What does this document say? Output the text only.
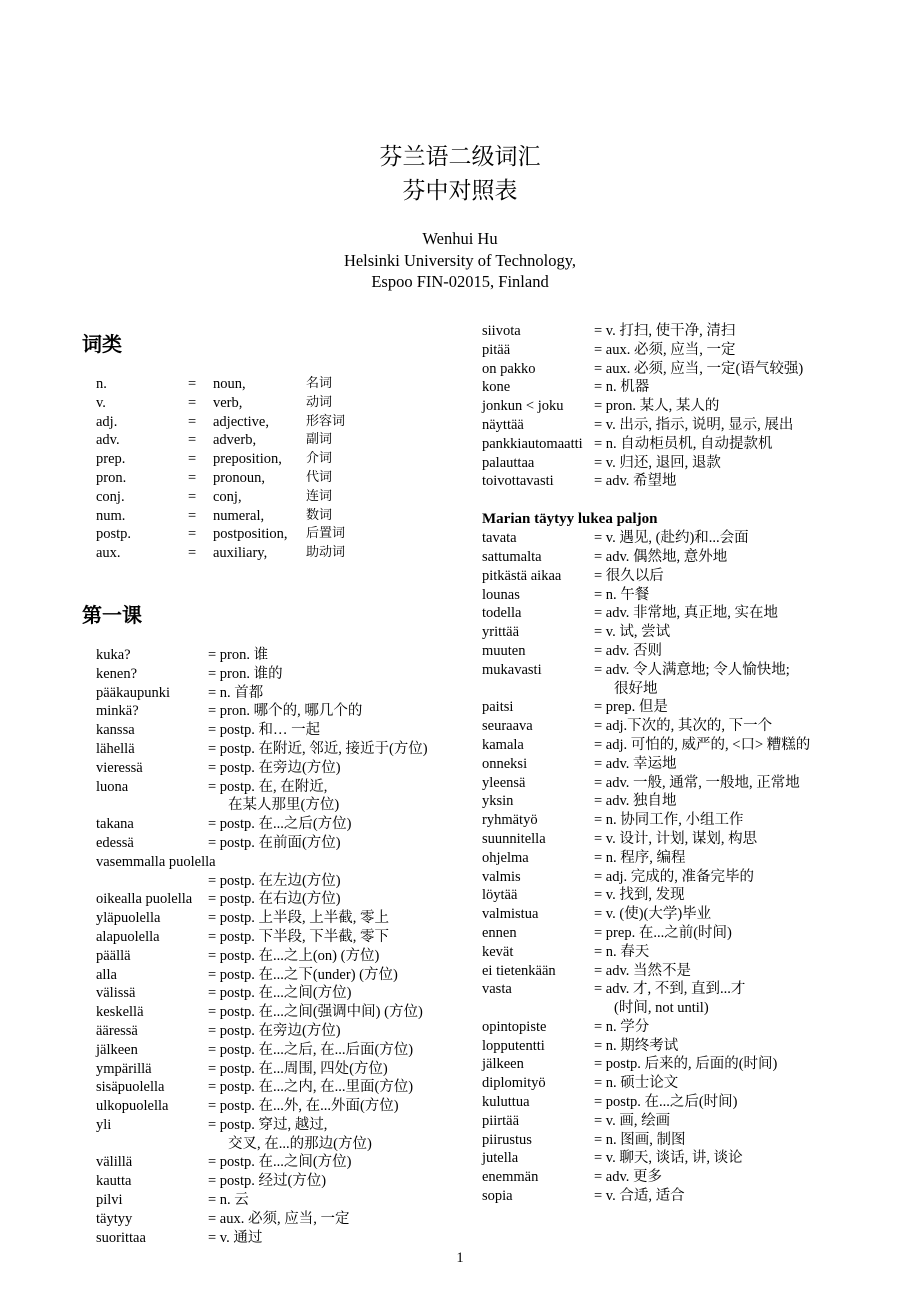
芬兰语二级词汇
芬中对照表
Wenhui Hu
Helsinki University of Technology,
Espoo FIN-02015, Finland
词类
n.	=	noun,	名词
v.	=	verb,	动词
adj.	=	adjective,	形容词
adv.	=	adverb,	副词
prep.	=	preposition,	介词
pron.	=	pronoun,	代词
conj.	=	conj,	连词
num.	=	numeral,	数词
postp.	=	postposition,	后置词
aux.	=	auxiliary,	助动词
第一课
kuka?	= pron. 谁
kenen?	= pron. 谁的
pääkaupunki	= n. 首都
minkä?	= pron. 哪个的, 哪几个的
kanssa	= postp. 和… 一起
lähellä	= postp. 在附近, 邻近, 接近于(方位)
vieressä	= postp. 在旁边(方位)
luona	= postp. 在, 在附近,
在某人那里(方位)
takana	= postp. 在...之后(方位)
edessä	= postp. 在前面(方位)
vasemmalla puolella
= postp. 在左边(方位)
oikealla puolella	= postp. 在右边(方位)
yläpuolella	= postp. 上半段, 上半截, 零上
alapuolella	= postp. 下半段, 下半截, 零下
päällä	= postp. 在...之上(on) (方位)
alla	= postp. 在...之下(under) (方位)
välissä	= postp. 在...之间(方位)
keskellä	= postp. 在...之间(强调中间) (方位)
ääressä	= postp. 在旁边(方位)
jälkeen	= postp. 在...之后, 在...后面(方位)
ympärillä	= postp. 在...周围, 四处(方位)
sisäpuolella	= postp. 在...之内, 在...里面(方位)
ulkopuolella	= postp. 在...外, 在...外面(方位)
yli	= postp. 穿过, 越过,
交叉, 在...的那边(方位)
välillä	= postp. 在...之间(方位)
kautta	= postp. 经过(方位)
pilvi	= n. 云
täytyy	= aux. 必须, 应当, 一定
suorittaa	= v. 通过
siivota	= v. 打扫, 使干净, 清扫
pitää	= aux. 必须, 应当, 一定
on pakko	= aux. 必须, 应当, 一定(语气较强)
kone	= n. 机器
jonkun < joku	= pron. 某人, 某人的
näyttää	= v. 出示, 指示, 说明, 显示, 展出
pankkiautomaatti = n. 自动柜员机, 自动提款机
palauttaa	= v. 归还, 退回, 退款
toivottavasti	= adv. 希望地
Marian täytyy lukea paljon
tavata	= v. 遇见, (赴约)和...会面
sattumalta	= adv. 偶然地, 意外地
pitkästä aikaa	= 很久以后
lounas	= n. 午餐
todella	= adv. 非常地, 真正地, 实在地
yrittää	= v. 试, 尝试
muuten	= adv. 否则
mukavasti	= adv. 令人满意地; 令人愉快地;
很好地
paitsi	= prep. 但是
seuraava	= adj.下次的, 其次的, 下一个
kamala	= adj. 可怕的, 威严的, <口> 糟糕的
onneksi	= adv. 幸运地
yleensä	= adv. 一般, 通常, 一般地, 正常地
yksin	= adv. 独自地
ryhmätyö	= n. 协同工作, 小组工作
suunnitella	= v. 设计, 计划, 谋划, 构思
ohjelma	= n. 程序, 编程
valmis	= adj. 完成的, 准备完毕的
löytää	= v. 找到, 发现
valmistua	= v. (使)(大学)毕业
ennen	= prep. 在...之前(时间)
kevät	= n. 春天
ei tietenkään	= adv. 当然不是
vasta	= adv. 才, 不到, 直到...才
(时间, not until)
opintopiste	= n. 学分
lopputentti	= n. 期终考试
jälkeen	= postp. 后来的, 后面的(时间)
diplomityö	= n. 硕士论文
kuluttua	= postp. 在...之后(时间)
piirtää	= v. 画, 绘画
piirustus	= n. 图画, 制图
jutella	= v. 聊天, 谈话, 讲, 谈论
enemmän	= adv. 更多
sopia	= v. 合适, 适合
1
